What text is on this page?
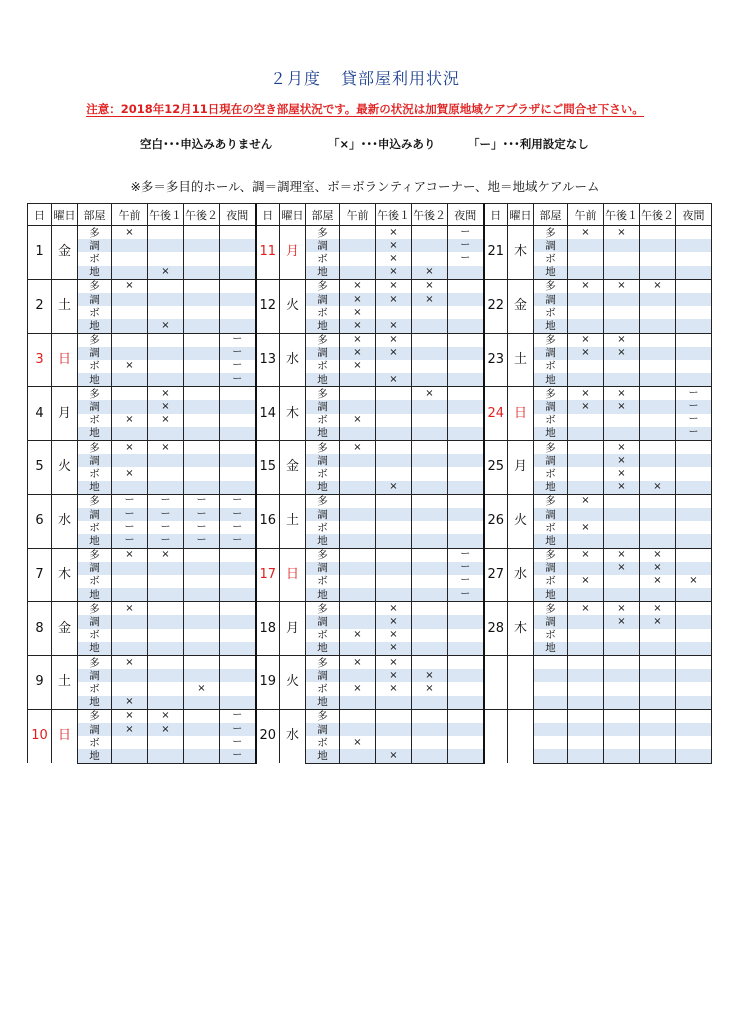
２月度 貸部屋利用状況
注意：2018年12月11日現在の空き部屋状況です。最新の状況は加賀原地域ケアプラザにご問合せ下さい。
空白･･･申込みありません	「×」･･･申込みあり	「ー」･･･利用設定なし
※多＝多目的ホール、調＝調理室、ボ＝ボランティアコーナー、地＝地域ケアルーム
日	曜日	部屋	午前	午後１	午後２	夜間	日	曜日	部屋	午前	午後１	午後２	夜間	日	曜日	部屋	午前	午後１	午後２	夜間
1	金	多	×				11	月	多		×		ー	21	木	多	×	×		
		調							調		×		ー			調				
		ボ							ボ		×		ー			ボ				
		地		×					地		×	×				地				
2	土	多	×				12	火	多	×	×	×		22	金	多	×	×	×	
		調							調	×	×	×				調				
		ボ							ボ	×						ボ				
		地		×					地	×	×					地				
3	日	多				ー	13	水	多	×	×			23	土	多	×	×		
		調				ー			調	×	×					調	×	×		
		ボ	×			ー			ボ	×						ボ				
		地				ー			地		×					地				
4	月	多		×			14	木	多			×		24	日	多	×	×		ー
		調		×					調							調	×	×		ー
		ボ	×	×					ボ	×						ボ				ー
		地							地							地				ー
5	火	多	×	×			15	金	多	×				25	月	多		×		
		調							調							調		×		
		ボ	×						ボ							ボ		×		
		地							地		×					地		×	×	
6	水	多	ー	ー	ー	ー	16	土	多					26	火	多	×			
		調	ー	ー	ー	ー			調							調				
		ボ	ー	ー	ー	ー			ボ							ボ	×			
		地	ー	ー	ー	ー			地							地				
7	木	多	×	×			17	日	多				ー	27	水	多	×	×	×	
		調							調				ー			調		×	×	
		ボ							ボ				ー			ボ	×		×	×
		地							地				ー			地				
8	金	多	×				18	月	多		×			28	木	多	×	×	×	
		調							調		×					調		×	×	
		ボ							ボ	×	×					ボ				
		地							地		×					地				
9	土	多	×				19	火	多	×	×									
		調							調		×	×								
		ボ			×				ボ	×	×	×								
		地	×						地											
10	日	多	×	×		ー	20	水	多											
		調	×	×		ー			調											
		ボ				ー			ボ	×										
		地				ー			地		×									
